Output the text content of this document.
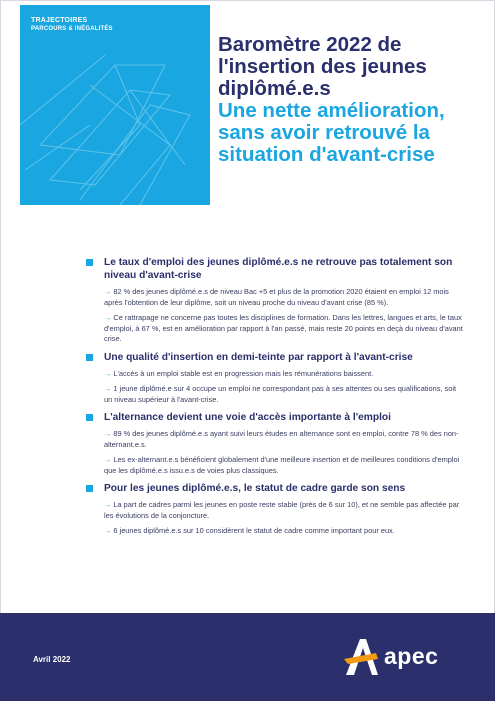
TRAJECTOIRES
PARCOURS & INÉGALITÉS

Baromètre 2022 de l'insertion des jeunes diplômé.e.s

Une nette amélioration, sans avoir retrouvé la situation d'avant-crise

Le taux d'emploi des jeunes diplômé.e.s ne retrouve pas totalement son niveau d'avant-crise
→ 82 % des jeunes diplômé.e.s de niveau Bac +5 et plus de la promotion 2020 étaient en emploi 12 mois après l'obtention de leur diplôme, soit un niveau proche du niveau d'avant crise (85 %).
→ Ce rattrapage ne concerne pas toutes les disciplines de formation. Dans les lettres, langues et arts, le taux d'emploi, à 67 %, est en amélioration par rapport à l'an passé, mais reste 20 points en deçà du niveau d'avant crise.
Une qualité d'insertion en demi-teinte par rapport à l'avant-crise
→ L'accès à un emploi stable est en progression mais les rémunérations baissent.
→ 1 jeune diplômé.e sur 4 occupe un emploi ne correspondant pas à ses attentes ou ses qualifications, soit un niveau supérieur à l'avant-crise.
L'alternance devient une voie d'accès importante à l'emploi
→ 89 % des jeunes diplômé.e.s ayant suivi leurs études en alternance sont en emploi, contre 78 % des non-alternant.e.s.
→ Les ex-alternant.e.s bénéficient globalement d'une meilleure insertion et de meilleures conditions d'emploi que les diplômé.e.s issu.e.s de voies plus classiques.
Pour les jeunes diplômé.e.s, le statut de cadre garde son sens
→ La part de cadres parmi les jeunes en poste reste stable (près de 6 sur 10), et ne semble pas affectée par les évolutions de la conjoncture.
→ 6 jeunes diplômé.e.s sur 10 considèrent le statut de cadre comme important pour eux.
Avril 2022	apec
